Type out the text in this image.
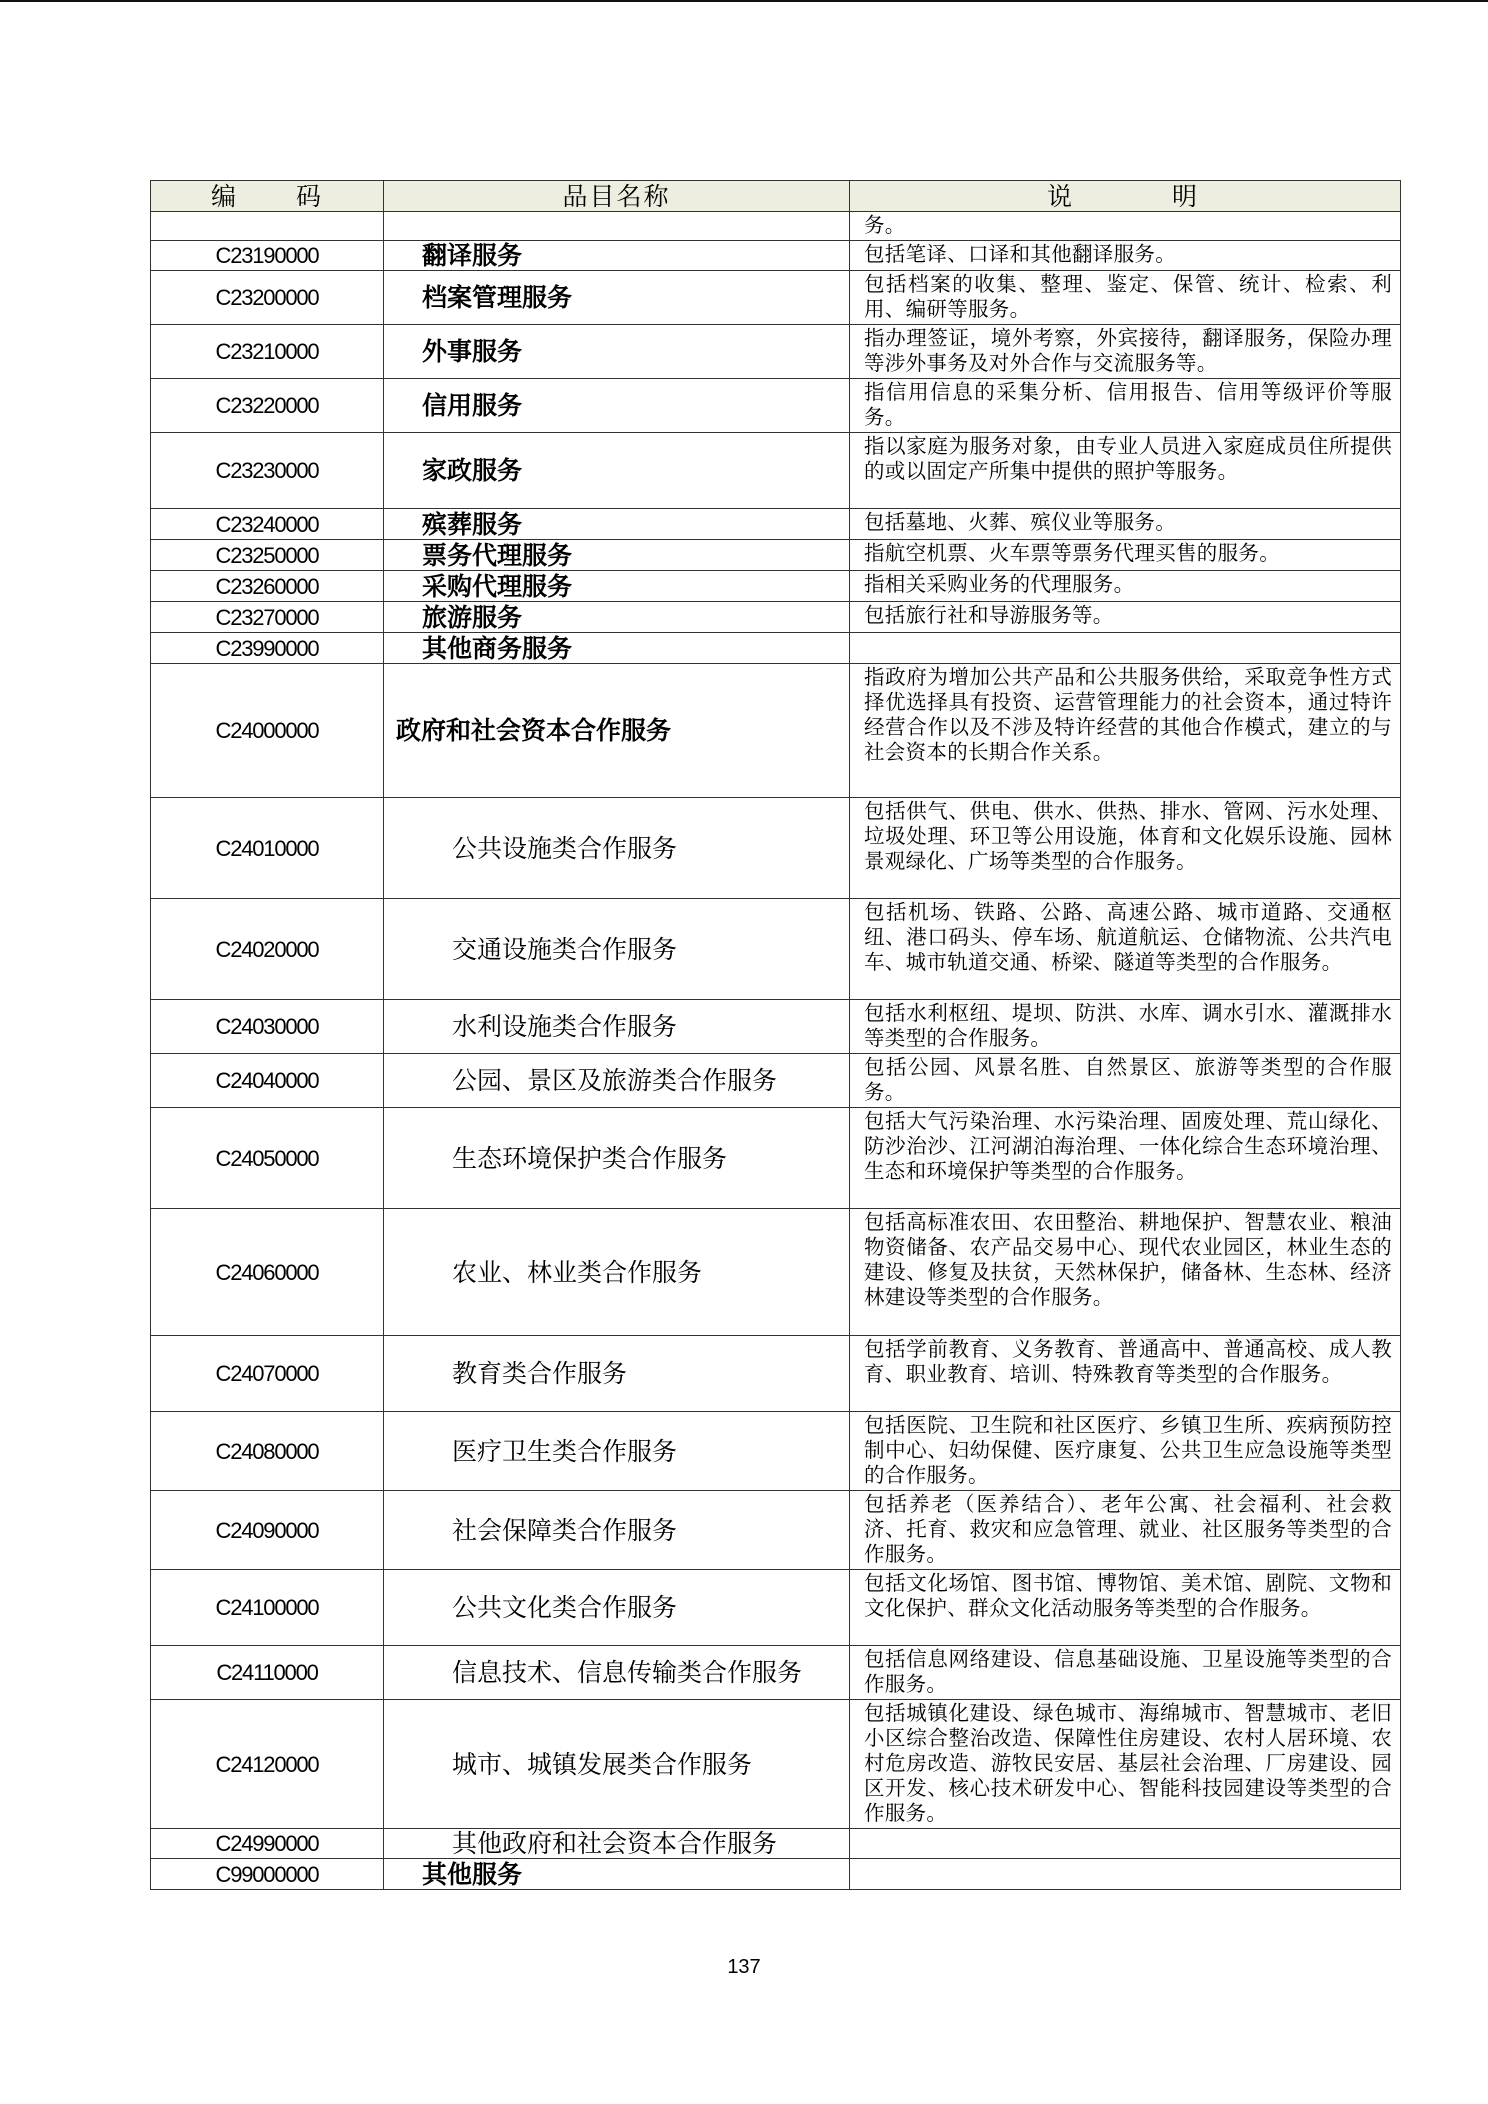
编 码	品目名称	说 明
		务。
C23190000	翻译服务	包括笔译、口译和其他翻译服务。
C23200000	档案管理服务	包括档案的收集、整理、鉴定、保管、统计、检索、利用、编研等服务。
C23210000	外事服务	指办理签证，境外考察，外宾接待，翻译服务，保险办理等涉外事务及对外合作与交流服务等。
C23220000	信用服务	指信用信息的采集分析、信用报告、信用等级评价等服务。
C23230000	家政服务	指以家庭为服务对象，由专业人员进入家庭成员住所提供的或以固定产所集中提供的照护等服务。
C23240000	殡葬服务	包括墓地、火葬、殡仪业等服务。
C23250000	票务代理服务	指航空机票、火车票等票务代理买售的服务。
C23260000	采购代理服务	指相关采购业务的代理服务。
C23270000	旅游服务	包括旅行社和导游服务等。
C23990000	其他商务服务	
C24000000	政府和社会资本合作服务	指政府为增加公共产品和公共服务供给，采取竞争性方式择优选择具有投资、运营管理能力的社会资本，通过特许经营合作以及不涉及特许经营的其他合作模式，建立的与社会资本的长期合作关系。
C24010000	公共设施类合作服务	包括供气、供电、供水、供热、排水、管网、污水处理、垃圾处理、环卫等公用设施，体育和文化娱乐设施、园林景观绿化、广场等类型的合作服务。
C24020000	交通设施类合作服务	包括机场、铁路、公路、高速公路、城市道路、交通枢纽、港口码头、停车场、航道航运、仓储物流、公共汽电车、城市轨道交通、桥梁、隧道等类型的合作服务。
C24030000	水利设施类合作服务	包括水利枢纽、堤坝、防洪、水库、调水引水、灌溉排水等类型的合作服务。
C24040000	公园、景区及旅游类合作服务	包括公园、风景名胜、自然景区、旅游等类型的合作服务。
C24050000	生态环境保护类合作服务	包括大气污染治理、水污染治理、固废处理、荒山绿化、防沙治沙、江河湖泊海治理、一体化综合生态环境治理、生态和环境保护等类型的合作服务。
C24060000	农业、林业类合作服务	包括高标准农田、农田整治、耕地保护、智慧农业、粮油物资储备、农产品交易中心、现代农业园区，林业生态的建设、修复及扶贫，天然林保护，储备林、生态林、经济林建设等类型的合作服务。
C24070000	教育类合作服务	包括学前教育、义务教育、普通高中、普通高校、成人教育、职业教育、培训、特殊教育等类型的合作服务。
C24080000	医疗卫生类合作服务	包括医院、卫生院和社区医疗、乡镇卫生所、疾病预防控制中心、妇幼保健、医疗康复、公共卫生应急设施等类型的合作服务。
C24090000	社会保障类合作服务	包括养老（医养结合）、老年公寓、社会福利、社会救济、托育、救灾和应急管理、就业、社区服务等类型的合作服务。
C24100000	公共文化类合作服务	包括文化场馆、图书馆、博物馆、美术馆、剧院、文物和文化保护、群众文化活动服务等类型的合作服务。
C24110000	信息技术、信息传输类合作服务	包括信息网络建设、信息基础设施、卫星设施等类型的合作服务。
C24120000	城市、城镇发展类合作服务	包括城镇化建设、绿色城市、海绵城市、智慧城市、老旧小区综合整治改造、保障性住房建设、农村人居环境、农村危房改造、游牧民安居、基层社会治理、厂房建设、园区开发、核心技术研发中心、智能科技园建设等类型的合作服务。
C24990000	其他政府和社会资本合作服务	
C99000000	其他服务	
137
